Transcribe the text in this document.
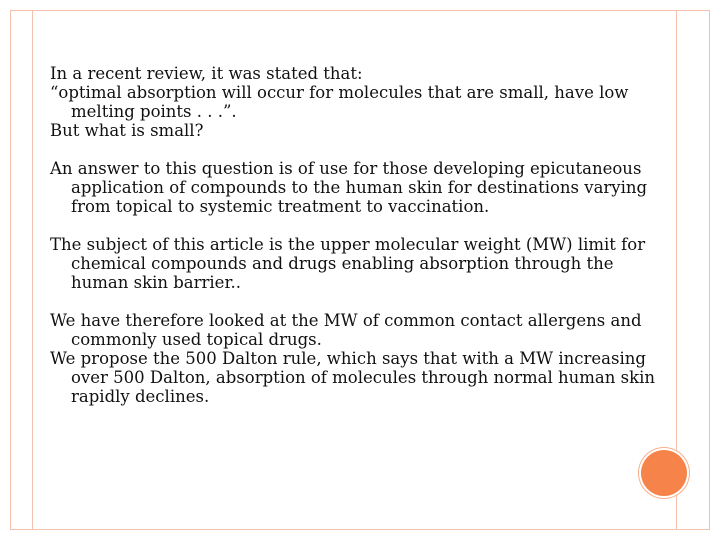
In a recent review, it was stated that:

“optimal absorption will occur for molecules that are small, have low melting points . . .”.

But what is small?

An answer to this question is of use for those developing epicutaneous application of compounds to the human skin for destinations varying from topical to systemic treatment to vaccination.

The subject of this article is the upper molecular weight (MW) limit for chemical compounds and drugs enabling absorption through the human skin barrier..

We have therefore looked at the MW of common contact allergens and commonly used topical drugs.

We propose the 500 Dalton rule, which says that with a MW increasing over 500 Dalton, absorption of molecules through normal human skin rapidly declines.
